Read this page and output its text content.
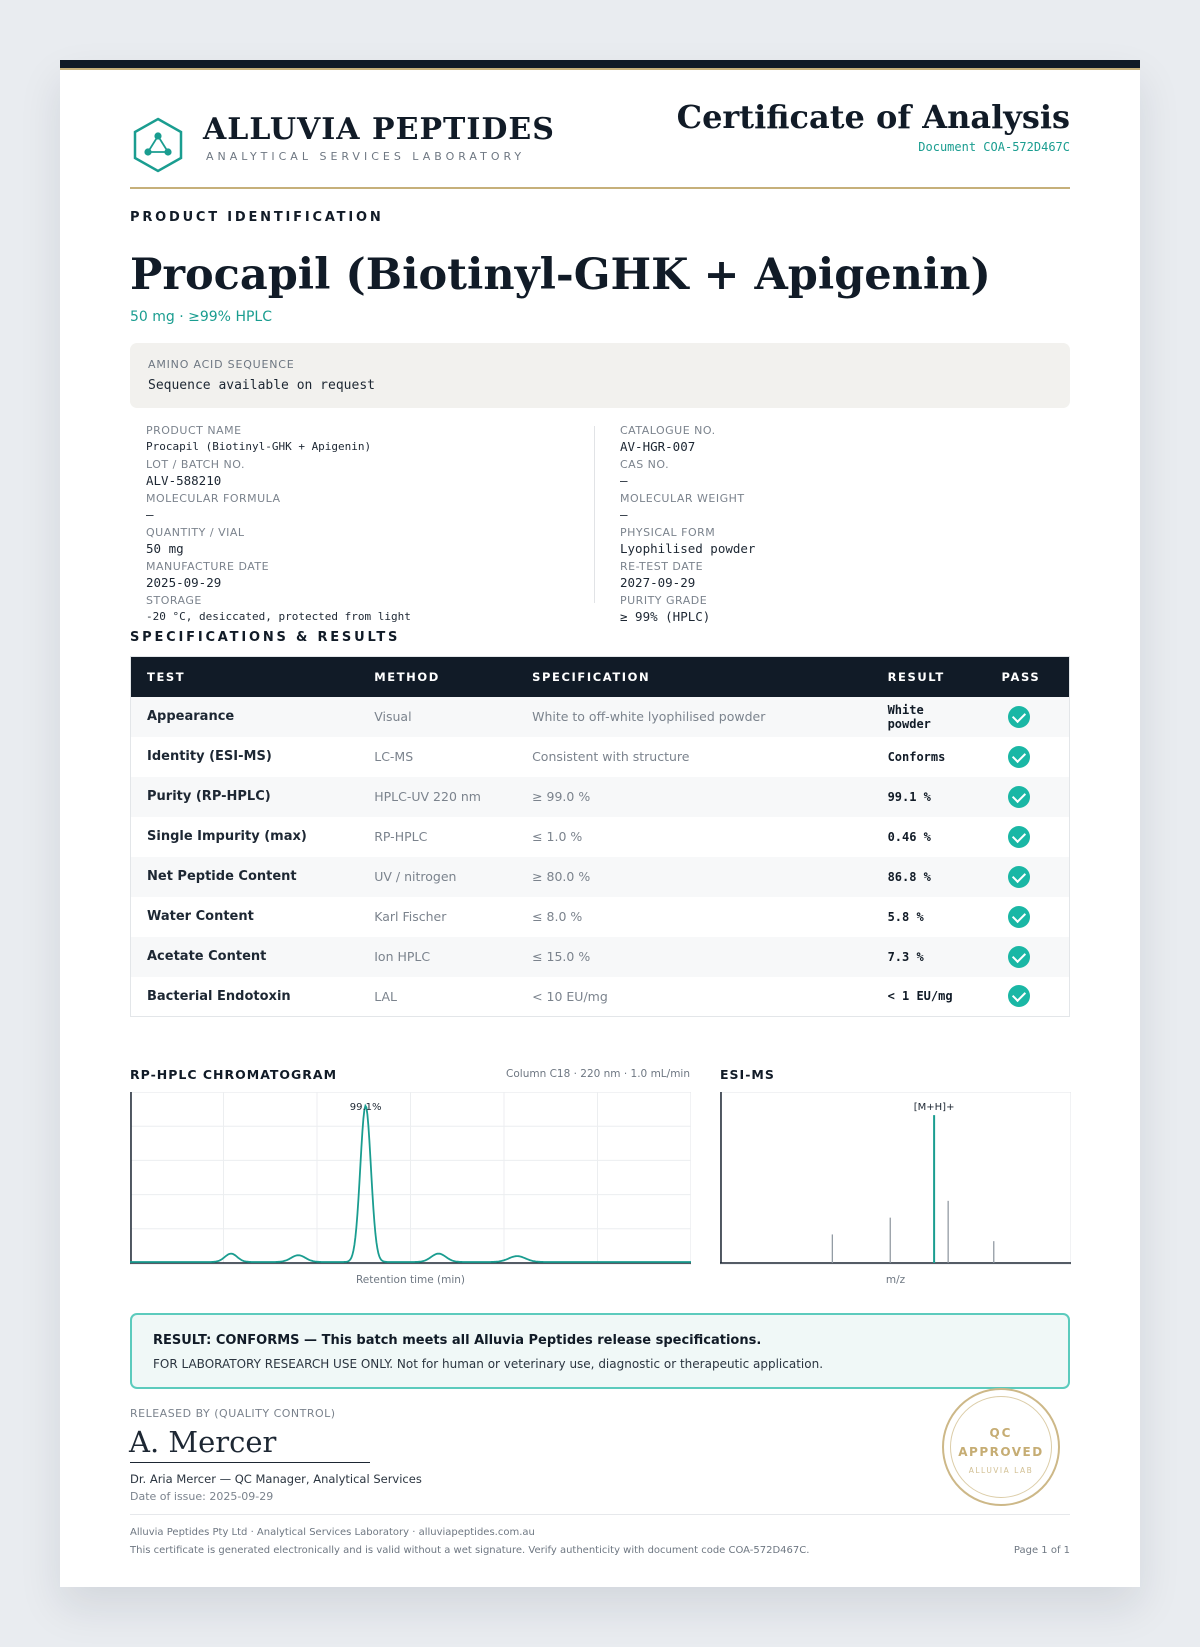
ALLUVIA PEPTIDES
ANALYTICAL SERVICES LABORATORY
Certificate of Analysis
Document COA-572D467C
PRODUCT IDENTIFICATION
Procapil (Biotinyl-GHK + Apigenin)
50 mg · ≥99% HPLC
AMINO ACID SEQUENCE
Sequence available on request
PRODUCT NAME
Procapil (Biotinyl-GHK + Apigenin)
LOT / BATCH NO.
ALV-588210
MOLECULAR FORMULA
—
QUANTITY / VIAL
50 mg
MANUFACTURE DATE
2025-09-29
STORAGE
-20 °C, desiccated, protected from light
CATALOGUE NO.
AV-HGR-007
CAS NO.
—
MOLECULAR WEIGHT
—
PHYSICAL FORM
Lyophilised powder
RE-TEST DATE
2027-09-29
PURITY GRADE
≥ 99% (HPLC)
SPECIFICATIONS & RESULTS
TEST	METHOD	SPECIFICATION	RESULT	PASS
Appearance	Visual	White to off-white lyophilised powder	White powder	

Identity (ESI-MS)	LC-MS	Consistent with structure	Conforms	

Purity (RP-HPLC)	HPLC-UV 220 nm	≥ 99.0 %	99.1 %	

Single Impurity (max)	RP-HPLC	≤ 1.0 %	0.46 %	

Net Peptide Content	UV / nitrogen	≥ 80.0 %	86.8 %	

Water Content	Karl Fischer	≤ 8.0 %	5.8 %	

Acetate Content	Ion HPLC	≤ 15.0 %	7.3 %	

Bacterial Endotoxin	LAL	< 10 EU/mg	< 1 EU/mg	
RP-HPLC CHROMATOGRAM	Column C18 · 220 nm · 1.0 mL/min
99.1%
Retention time (min)
ESI-MS
[M+H]+
m/z
RESULT: CONFORMS — This batch meets all Alluvia Peptides release specifications.
FOR LABORATORY RESEARCH USE ONLY. Not for human or veterinary use, diagnostic or therapeutic application.
RELEASED BY (QUALITY CONTROL)
A. Mercer
Dr. Aria Mercer — QC Manager, Analytical Services
Date of issue: 2025-09-29
QC
APPROVED
ALLUVIA LAB
Alluvia Peptides Pty Ltd · Analytical Services Laboratory · alluviapeptides.com.au
This certificate is generated electronically and is valid without a wet signature. Verify authenticity with document code COA-572D467C.	Page 1 of 1
